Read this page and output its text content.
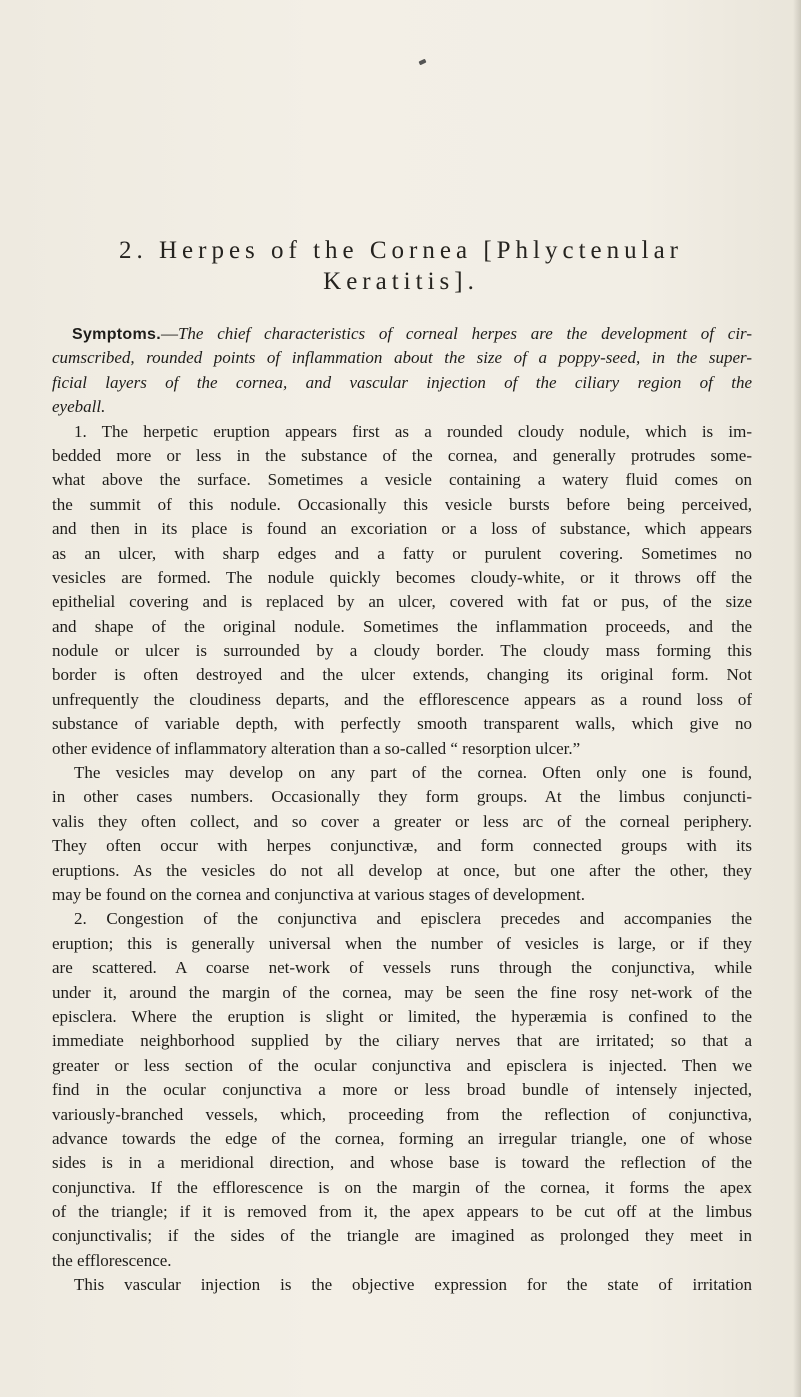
2. Herpes of the Cornea [Phlyctenular
Keratitis].
Symptoms.—The chief characteristics of corneal herpes are the development of cir-
cumscribed, rounded points of inflammation about the size of a poppy-seed, in the super-
ficial layers of the cornea, and vascular injection of the ciliary region of the
eyeball.
1. The herpetic eruption appears first as a rounded cloudy nodule, which is im-
bedded more or less in the substance of the cornea, and generally protrudes some-
what above the surface. Sometimes a vesicle containing a watery fluid comes on
the summit of this nodule. Occasionally this vesicle bursts before being perceived,
and then in its place is found an excoriation or a loss of substance, which appears
as an ulcer, with sharp edges and a fatty or purulent covering. Sometimes no
vesicles are formed. The nodule quickly becomes cloudy-white, or it throws off the
epithelial covering and is replaced by an ulcer, covered with fat or pus, of the size
and shape of the original nodule. Sometimes the inflammation proceeds, and the
nodule or ulcer is surrounded by a cloudy border. The cloudy mass forming this
border is often destroyed and the ulcer extends, changing its original form. Not
unfrequently the cloudiness departs, and the efflorescence appears as a round loss of
substance of variable depth, with perfectly smooth transparent walls, which give no
other evidence of inflammatory alteration than a so-called “ resorption ulcer.”
The vesicles may develop on any part of the cornea. Often only one is found,
in other cases numbers. Occasionally they form groups. At the limbus conjuncti-
valis they often collect, and so cover a greater or less arc of the corneal periphery.
They often occur with herpes conjunctivæ, and form connected groups with its
eruptions. As the vesicles do not all develop at once, but one after the other, they
may be found on the cornea and conjunctiva at various stages of development.
2. Congestion of the conjunctiva and episclera precedes and accompanies the
eruption; this is generally universal when the number of vesicles is large, or if they
are scattered. A coarse net-work of vessels runs through the conjunctiva, while
under it, around the margin of the cornea, may be seen the fine rosy net-work of the
episclera. Where the eruption is slight or limited, the hyperæmia is confined to the
immediate neighborhood supplied by the ciliary nerves that are irritated; so that a
greater or less section of the ocular conjunctiva and episclera is injected. Then we
find in the ocular conjunctiva a more or less broad bundle of intensely injected,
variously-branched vessels, which, proceeding from the reflection of conjunctiva,
advance towards the edge of the cornea, forming an irregular triangle, one of whose
sides is in a meridional direction, and whose base is toward the reflection of the
conjunctiva. If the efflorescence is on the margin of the cornea, it forms the apex
of the triangle; if it is removed from it, the apex appears to be cut off at the limbus
conjunctivalis; if the sides of the triangle are imagined as prolonged they meet in
the efflorescence.
This vascular injection is the objective expression for the state of irritation
